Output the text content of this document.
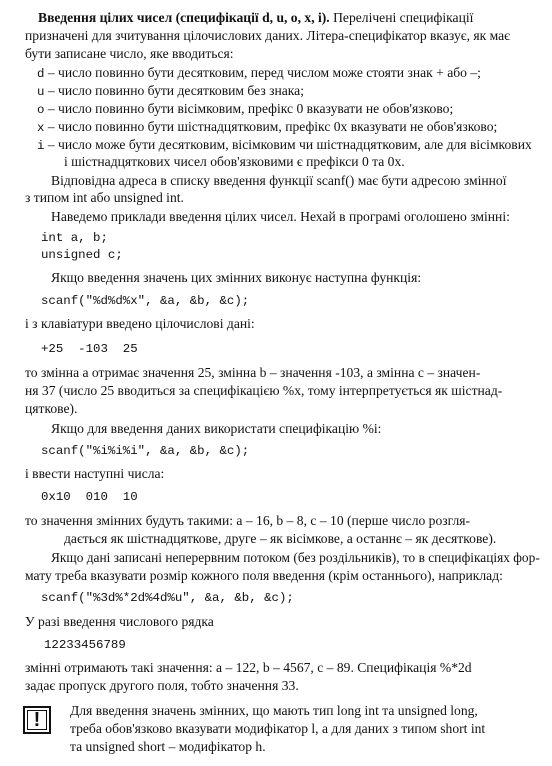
Введення цілих чисел (специфікації d, u, o, x, i). Перелічені специфікації
призначені для зчитування цілочислових даних. Літера-специфікатор вказує, як має
бути записане число, яке вводиться:
d – число повинно бути десятковим, перед числом може стояти знак + або –;
u – число повинно бути десятковим без знака;
o – число повинно бути вісімковим, префікс 0 вказувати не обов'язково;
x – число повинно бути шістнадцятковим, префікс 0x вказувати не обов'язково;
i – число може бути десятковим, вісімковим чи шістнадцятковим, але для вісімкових
і шістнадцяткових чисел обов'язковими є префікси 0 та 0x.
Відповідна адреса в списку введення функції scanf() має бути адресою змінної
з типом int або unsigned int.
Наведемо приклади введення цілих чисел. Нехай в програмі оголошено змінні:
int a, b;
unsigned c;
Якщо введення значень цих змінних виконує наступна функція:
scanf("%d%d%x", &a, &b, &c);
і з клавіатури введено цілочислові дані:
+25  -103  25
то змінна a отримає значення 25, змінна b – значення -103, а змінна c – значен-
ня 37 (число 25 вводиться за специфікацією %x, тому інтерпретується як шістнад-
цяткове).
Якщо для введення даних використати специфікацію %i:
scanf("%i%i%i", &a, &b, &c);
і ввести наступні числа:
0x10  010  10
то значення змінних будуть такими: a – 16, b – 8, c – 10 (перше число розгля-
дається як шістнадцяткове, друге – як вісімкове, а останнє – як десяткове).
Якщо дані записані неперервним потоком (без роздільників), то в специфікаціях фор-
мату треба вказувати розмір кожного поля введення (крім останнього), наприклад:
scanf("%3d%*2d%4d%u", &a, &b, &c);
У разі введення числового рядка
12233456789
змінні отримають такі значення: a – 122, b – 4567, c – 89. Специфікація %*2d
задає пропуск другого поля, тобто значення 33.
!	Для введення значень змінних, що мають тип long int та unsigned long,
треба обов'язково вказувати модифікатор l, а для даних з типом short int
та unsigned short – модифікатор h.
